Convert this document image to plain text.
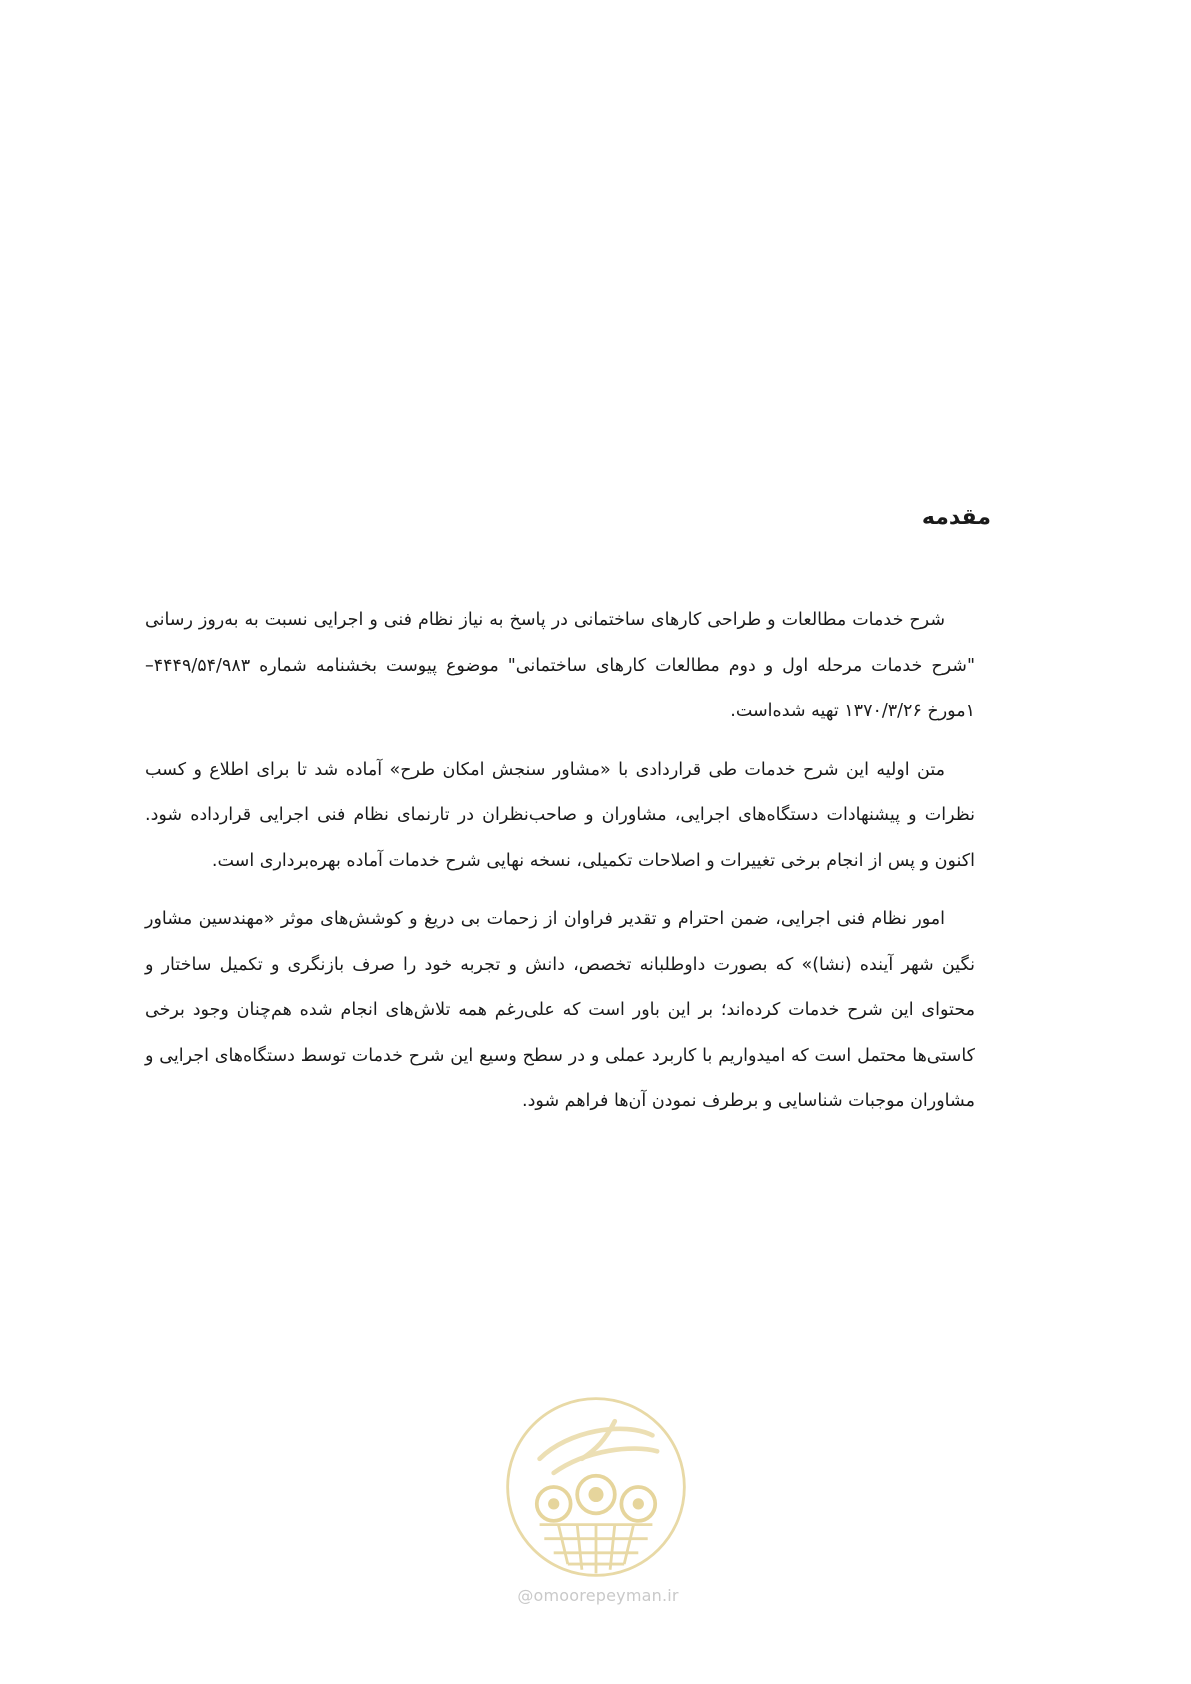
مقدمه

شرح خدمات مطالعات و طراحی کارهای ساختمانی در پاسخ به نیاز نظام فنی و اجرایی نسبت به به‌روز رسانی "شرح خدمات مرحله اول و دوم مطالعات کارهای ساختمانی" موضوع پیوست بخشنامه شماره ۴۴۴۹/۵۴/۹۸۳–۱مورخ ۱۳۷۰/۳/۲۶ تهیه شده‌است.

متن اولیه این شرح خدمات طی قراردادی با «مشاور سنجش امکان طرح» آماده شد تا برای اطلاع و کسب نظرات و پیشنهادات دستگاه‌های اجرایی، مشاوران و صاحب‌نظران در تارنمای نظام فنی اجرایی قرارداده شود. اکنون و پس از انجام برخی تغییرات و اصلاحات تکمیلی، نسخه نهایی شرح خدمات آماده بهره‌برداری است.

امور نظام فنی اجرایی، ضمن احترام و تقدیر فراوان از زحمات بی دریغ و کوشش‌های موثر «مهندسین مشاور نگین شهر آینده (نشا)» که بصورت داوطلبانه تخصص، دانش و تجربه خود را صرف بازنگری و تکمیل ساختار و محتوای این شرح خدمات کرده‌اند؛ بر این باور است که علی‌رغم همه تلاش‌های انجام شده هم‌چنان وجود برخی کاستی‌ها محتمل است که امیدواریم با کاربرد عملی و در سطح وسیع این شرح خدمات توسط دستگاه‌های اجرایی و مشاوران موجبات شناسایی و برطرف نمودن آن‌ها فراهم شود.

@omoorepeyman.ir
